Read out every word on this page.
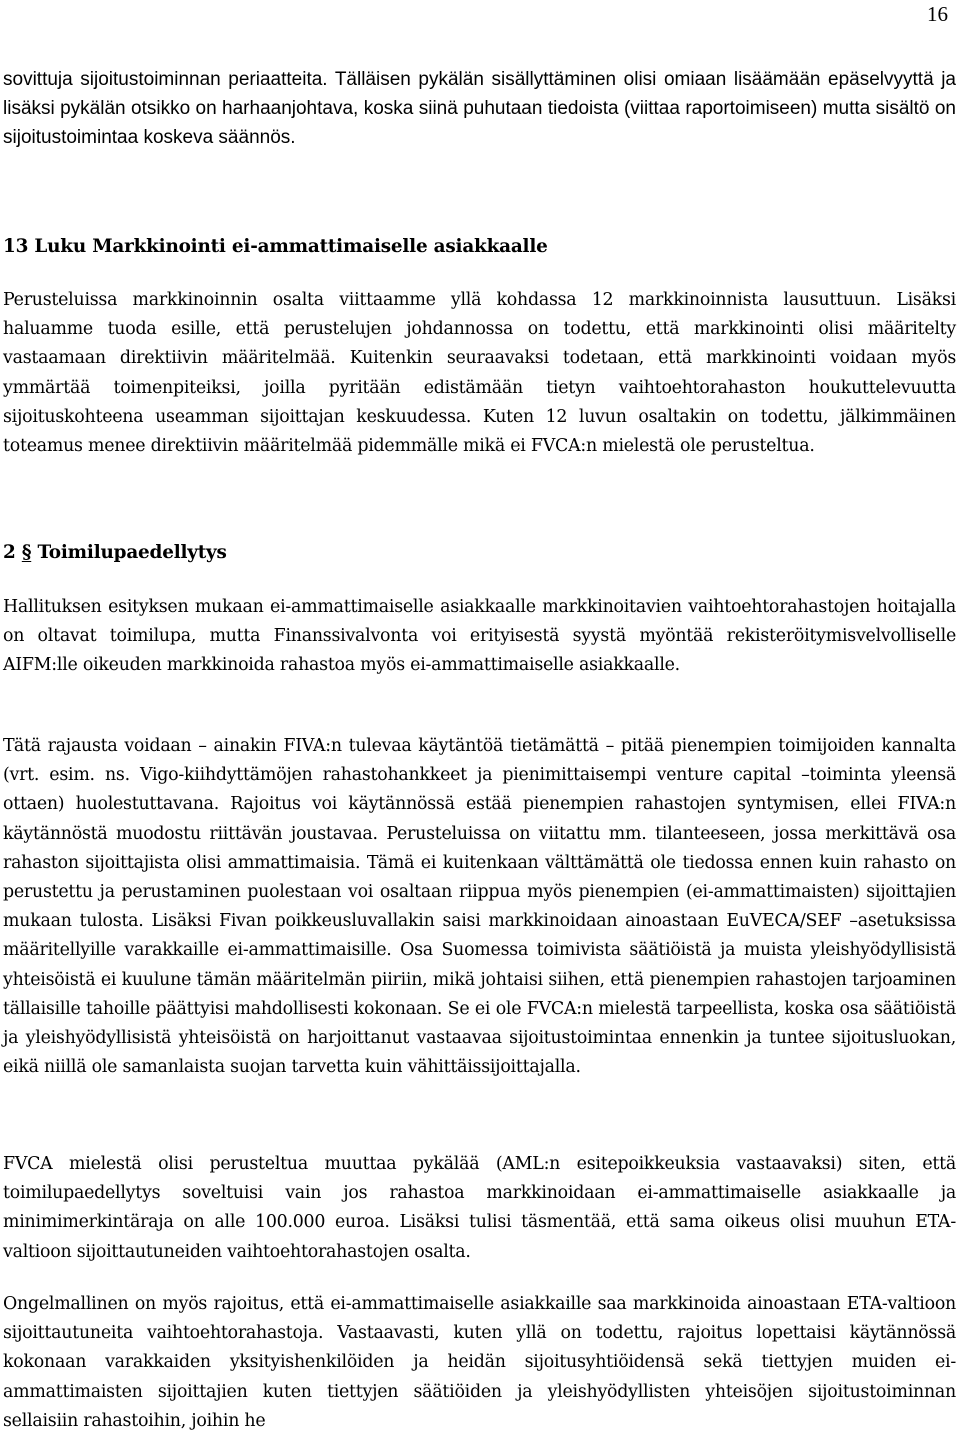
16

sovittuja sijoitustoiminnan periaatteita. Tälläisen pykälän sisällyttäminen olisi omiaan lisäämään epäselvyyttä ja lisäksi pykälän otsikko on harhaanjohtava, koska siinä puhutaan tiedoista (viittaa raportoimiseen) mutta sisältö on sijoitustoimintaa koskeva säännös.

13 Luku Markkinointi ei-ammattimaiselle asiakkaalle

Perusteluissa markkinoinnin osalta viittaamme yllä kohdassa 12 markkinoinnista lausuttuun. Lisäksi haluamme tuoda esille, että perustelujen johdannossa on todettu, että markkinointi olisi määritelty vastaamaan direktiivin määritelmää. Kuitenkin seuraavaksi todetaan, että markkinointi voidaan myös ymmärtää toimenpiteiksi, joilla pyritään edistämään tietyn vaihtoehtorahaston houkuttelevuutta sijoituskohteena useamman sijoittajan keskuudessa. Kuten 12 luvun osaltakin on todettu, jälkimmäinen toteamus menee direktiivin määritelmää pidemmälle mikä ei FVCA:n mielestä ole perusteltua.

2 § Toimilupaedellytys

Hallituksen esityksen mukaan ei-ammattimaiselle asiakkaalle markkinoitavien vaihtoehtorahastojen hoitajalla on oltavat toimilupa, mutta Finanssivalvonta voi erityisestä syystä myöntää rekisteröitymisvelvolliselle AIFM:lle oikeuden markkinoida rahastoa myös ei-ammattimaiselle asiakkaalle.

Tätä rajausta voidaan – ainakin FIVA:n tulevaa käytäntöä tietämättä – pitää pienempien toimijoiden kannalta (vrt. esim. ns. Vigo-kiihdyttämöjen rahastohankkeet ja pienimittaisempi venture capital –toiminta yleensä ottaen) huolestuttavana. Rajoitus voi käytännössä estää pienempien rahastojen syntymisen, ellei FIVA:n käytännöstä muodostu riittävän joustavaa. Perusteluissa on viitattu mm. tilanteeseen, jossa merkittävä osa rahaston sijoittajista olisi ammattimaisia. Tämä ei kuitenkaan välttämättä ole tiedossa ennen kuin rahasto on perustettu ja perustaminen puolestaan voi osaltaan riippua myös pienempien (ei-ammattimaisten) sijoittajien mukaan tulosta. Lisäksi Fivan poikkeusluvallakin saisi markkinoidaan ainoastaan EuVECA/SEF –asetuksissa määritellyille varakkaille ei-ammattimaisille. Osa Suomessa toimivista säätiöistä ja muista yleishyödyllisistä yhteisöistä ei kuulune tämän määritelmän piiriin, mikä johtaisi siihen, että pienempien rahastojen tarjoaminen tällaisille tahoille päättyisi mahdollisesti kokonaan. Se ei ole FVCA:n mielestä tarpeellista, koska osa säätiöistä ja yleishyödyllisistä yhteisöistä on harjoittanut vastaavaa sijoitustoimintaa ennenkin ja tuntee sijoitusluokan, eikä niillä ole samanlaista suojan tarvetta kuin vähittäissijoittajalla.

FVCA mielestä olisi perusteltua muuttaa pykälää (AML:n esitepoikkeuksia vastaavaksi) siten, että toimilupaedellytys soveltuisi vain jos rahastoa markkinoidaan ei-ammattimaiselle asiakkaalle ja minimimerkintäraja on alle 100.000 euroa. Lisäksi tulisi täsmentää, että sama oikeus olisi muuhun ETA-valtioon sijoittautuneiden vaihtoehtorahastojen osalta.

Ongelmallinen on myös rajoitus, että ei-ammattimaiselle asiakkaille saa markkinoida ainoastaan ETA-valtioon sijoittautuneita vaihtoehtorahastoja. Vastaavasti, kuten yllä on todettu, rajoitus lopettaisi käytännössä kokonaan varakkaiden yksityishenkilöiden ja heidän sijoitusyhtiöidensä sekä tiettyjen muiden ei-ammattimaisten sijoittajien kuten tiettyjen säätiöiden ja yleishyödyllisten yhteisöjen sijoitustoiminnan sellaisiin rahastoihin, joihin he
